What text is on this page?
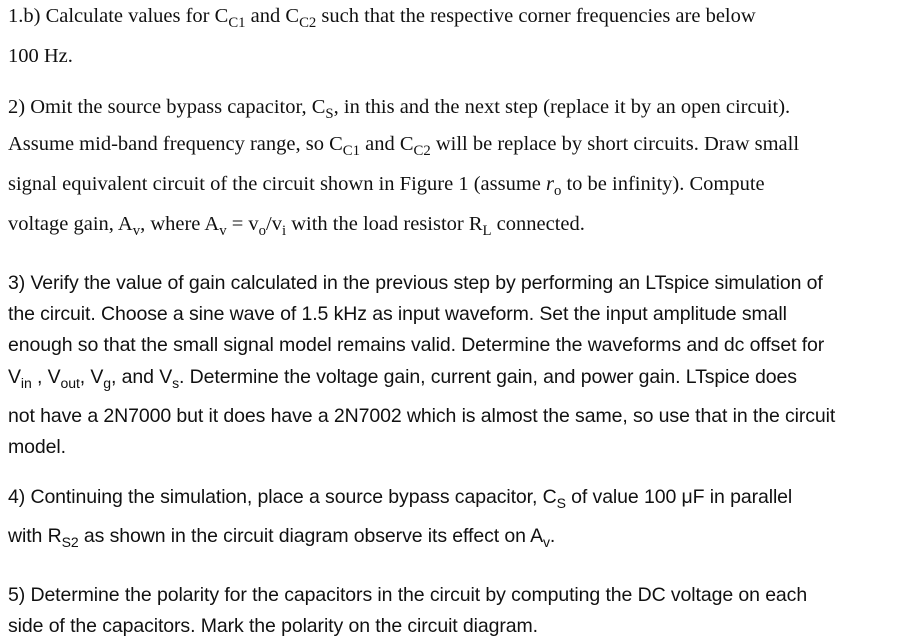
1.b) Calculate values for $C_{C1}$ and $C_{C2}$ such that the respective corner frequencies are below
100 Hz.
2) Omit the source bypass capacitor, $C_S$, in this and the next step (replace it by an open circuit).
Assume mid-band frequency range, so $C_{C1}$ and $C_{C2}$ will be replace by short circuits. Draw small
signal equivalent circuit of the circuit shown in Figure 1 (assume $r_o$ to be infinity). Compute
voltage gain, $A_v$, where $A_v = v_o/v_i$ with the load resistor $R_L$ connected.
3) Verify the value of gain calculated in the previous step by performing an LTspice simulation of
the circuit. Choose a sine wave of 1.5 kHz as input waveform. Set the input amplitude small
enough so that the small signal model remains valid. Determine the waveforms and dc offset for
$V_{in}$ , $V_{out}$, $V_g$, and $V_s$. Determine the voltage gain, current gain, and power gain. LTspice does
not have a 2N7000 but it does have a 2N7002 which is almost the same, so use that in the circuit
model.
4) Continuing the simulation, place a source bypass capacitor, $C_S$ of value 100 μF in parallel
with $R_{S2}$ as shown in the circuit diagram observe its effect on $A_v$.
5) Determine the polarity for the capacitors in the circuit by computing the DC voltage on each
side of the capacitors. Mark the polarity on the circuit diagram.
